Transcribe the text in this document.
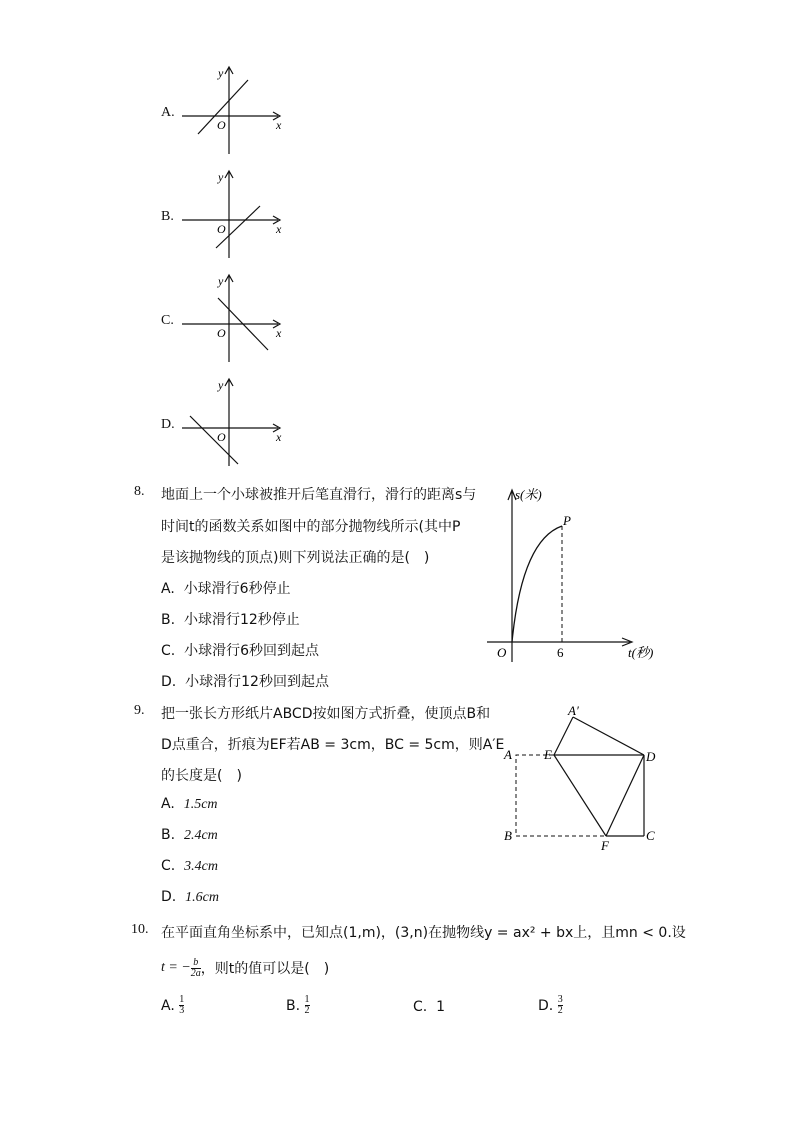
A.
y
x
O
B.
y
x
O
C.
y
x
O
D.
y
x
O
8. 地面上一个小球被推开后笔直滑行，滑行的距离s与
时间t的函数关系如图中的部分抛物线所示(其中P
是该抛物线的顶点)则下列说法正确的是(　)
A. 小球滑行6秒停止
B. 小球滑行12秒停止
C. 小球滑行6秒回到起点
D. 小球滑行12秒回到起点
s(米)
t(秒)
O
P
6
9. 把一张长方形纸片ABCD按如图方式折叠，使顶点B和
D点重合，折痕为EF若AB = 3cm，BC = 5cm，则A′E
的长度是(　)
A. 1.5cm
B. 2.4cm
C. 3.4cm
D. 1.6cm
A′
E
A	D
B
F
C
10. 在平面直角坐标系中，已知点(1,m)，(3,n)在抛物线y = ax² + bx上，且mn < 0.设
t = − $\frac{b}{2a}$ ，则t的值可以是(　)
A.
$\frac{1}{3}$	B.
$\frac{1}{2}$	C. 1	D.
$\frac{3}{2}$
